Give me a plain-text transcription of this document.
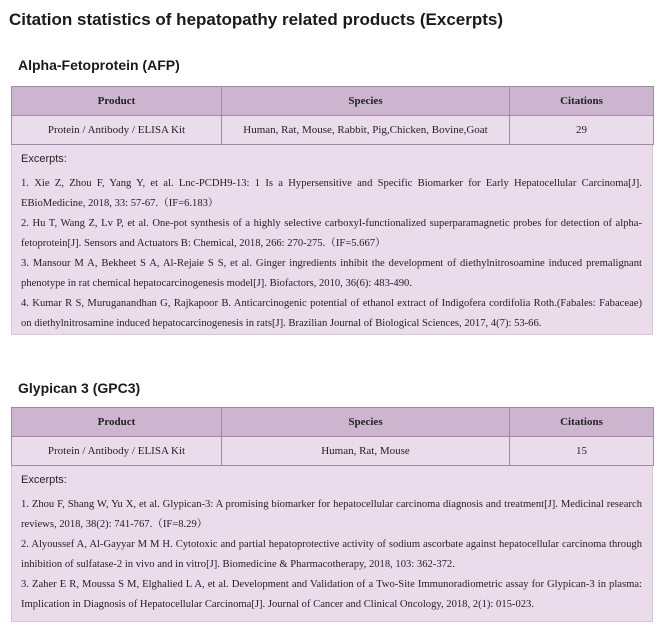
Citation statistics of hepatopathy related products (Excerpts)
Alpha-Fetoprotein (AFP)
Product	Species	Citations
Protein / Antibody / ELISA Kit	Human, Rat, Mouse, Rabbit, Pig,Chicken, Bovine,Goat	29
Excerpts:

1. Xie Z, Zhou F, Yang Y, et al. Lnc-PCDH9-13: 1 Is a Hypersensitive and Specific Biomarker for Early Hepatocellular Carcinoma[J]. EBioMedicine, 2018, 33: 57-67.（IF=6.183）

2. Hu T, Wang Z, Lv P, et al. One-pot synthesis of a highly selective carboxyl-functionalized superparamagnetic probes for detection of alpha-fetoprotein[J]. Sensors and Actuators B: Chemical, 2018, 266: 270-275.（IF=5.667）

3. Mansour M A, Bekheet S A, Al‐Rejaie S S, et al. Ginger ingredients inhibit the development of diethylnitrosoamine induced premalignant phenotype in rat chemical hepatocarcinogenesis model[J]. Biofactors, 2010, 36(6): 483-490.

4. Kumar R S, Muruganandhan G, Rajkapoor B. Anticarcinogenic potential of ethanol extract of Indigofera cordifolia Roth.(Fabales: Fabaceae) on diethylnitrosamine induced hepatocarcinogenesis in rats[J]. Brazilian Journal of Biological Sciences, 2017, 4(7): 53-66.

Glypican 3 (GPC3)
Product	Species	Citations
Protein / Antibody / ELISA Kit	Human, Rat, Mouse	15
Excerpts:

1. Zhou F, Shang W, Yu X, et al. Glypican‐3: A promising biomarker for hepatocellular carcinoma diagnosis and treatment[J]. Medicinal research reviews, 2018, 38(2): 741-767.（IF=8.29）

2. Alyoussef A, Al-Gayyar M M H. Cytotoxic and partial hepatoprotective activity of sodium ascorbate against hepatocellular carcinoma through inhibition of sulfatase-2 in vivo and in vitro[J]. Biomedicine & Pharmacotherapy, 2018, 103: 362-372.

3. Zaher E R, Moussa S M, Elghalied L A, et al. Development and Validation of a Two-Site Immunoradiometric assay for Glypican-3 in plasma: Implication in Diagnosis of Hepatocellular Carcinoma[J]. Journal of Cancer and Clinical Oncology, 2018, 2(1): 015-023.
